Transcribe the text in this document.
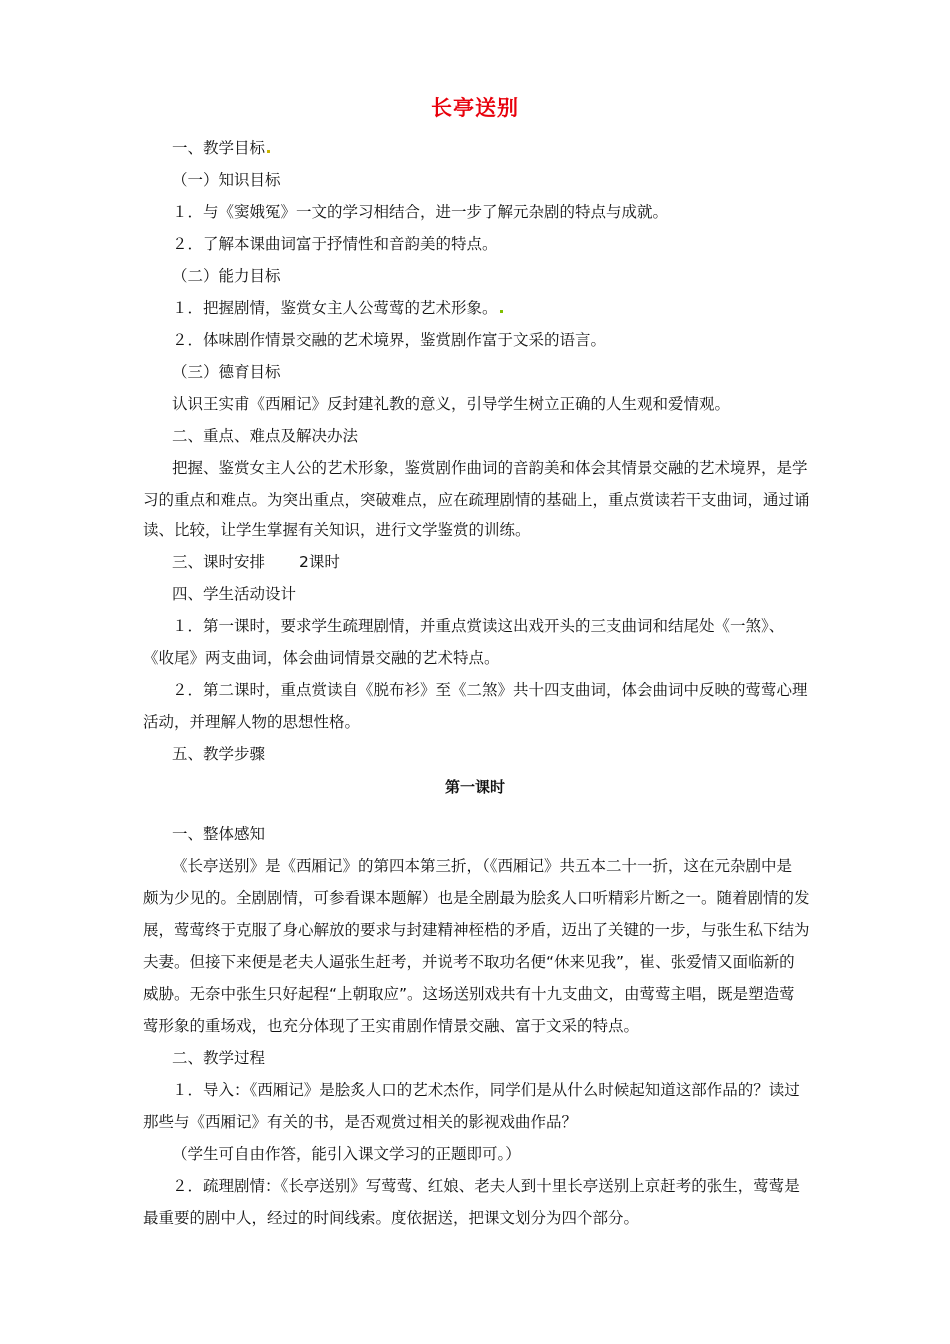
长亭送别
一、教学目标
（一）知识目标
１．与《窦娥冤》一文的学习相结合，进一步了解元杂剧的特点与成就。
２．了解本课曲词富于抒情性和音韵美的特点。
（二）能力目标
１．把握剧情，鉴赏女主人公莺莺的艺术形象。
２．体味剧作情景交融的艺术境界，鉴赏剧作富于文采的语言。
（三）德育目标
认识王实甫《西厢记》反封建礼教的意义，引导学生树立正确的人生观和爱情观。
二、重点、难点及解决办法
把握、鉴赏女主人公的艺术形象，鉴赏剧作曲词的音韵美和体会其情景交融的艺术境界，是学
习的重点和难点。为突出重点，突破难点，应在疏理剧情的基础上，重点赏读若干支曲词，通过诵
读、比较，让学生掌握有关知识，进行文学鉴赏的训练。
三、课时安排 2课时
四、学生活动设计
１．第一课时，要求学生疏理剧情，并重点赏读这出戏开头的三支曲词和结尾处《一煞》、
《收尾》两支曲词，体会曲词情景交融的艺术特点。
２．第二课时，重点赏读自《脱布衫》至《二煞》共十四支曲词，体会曲词中反映的莺莺心理
活动，并理解人物的思想性格。
五、教学步骤
第一课时
一、整体感知
《长亭送别》是《西厢记》的第四本第三折，（《西厢记》共五本二十一折，这在元杂剧中是
颇为少见的。全剧剧情，可参看课本题解）也是全剧最为脍炙人口听精彩片断之一。随着剧情的发
展，莺莺终于克服了身心解放的要求与封建精神桎梏的矛盾，迈出了关键的一步，与张生私下结为
夫妻。但接下来便是老夫人逼张生赶考，并说考不取功名便“休来见我”，崔、张爱情又面临新的
威胁。无奈中张生只好起程“上朝取应”。这场送别戏共有十九支曲文，由莺莺主唱，既是塑造莺
莺形象的重场戏，也充分体现了王实甫剧作情景交融、富于文采的特点。
二、教学过程
１．导入：《西厢记》是脍炙人口的艺术杰作，同学们是从什么时候起知道这部作品的？读过
那些与《西厢记》有关的书，是否观赏过相关的影视戏曲作品？
（学生可自由作答，能引入课文学习的正题即可。）
２．疏理剧情：《长亭送别》写莺莺、红娘、老夫人到十里长亭送别上京赶考的张生，莺莺是
最重要的剧中人，经过的时间线索。度依据送，把课文划分为四个部分。
